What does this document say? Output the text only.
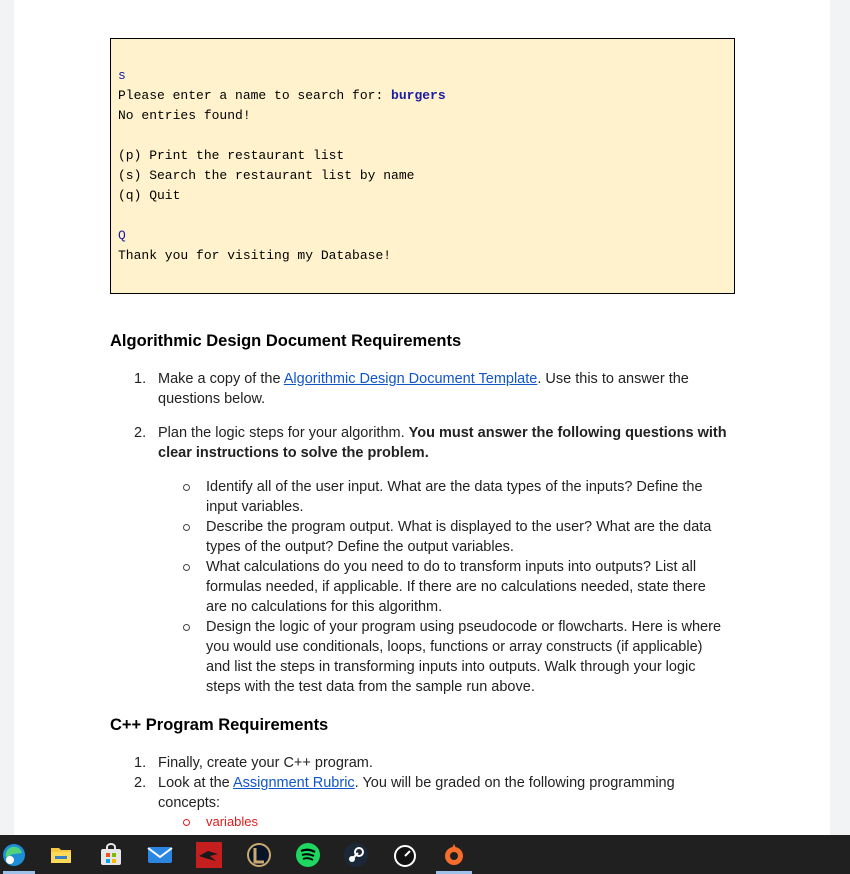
s
Please enter a name to search for: burgers
No entries found!
(p) Print the restaurant list
(s) Search the restaurant list by name
(q) Quit
Q
Thank you for visiting my Database!
Algorithmic Design Document Requirements
1. Make a copy of the Algorithmic Design Document Template. Use this to answer the
questions below.
2. Plan the logic steps for your algorithm. You must answer the following questions with
clear instructions to solve the problem.
Identify all of the user input. What are the data types of the inputs? Define the
input variables.
Describe the program output. What is displayed to the user? What are the data
types of the output? Define the output variables.
What calculations do you need to do to transform inputs into outputs? List all
formulas needed, if applicable. If there are no calculations needed, state there
are no calculations for this algorithm.
Design the logic of your program using pseudocode or flowcharts. Here is where
you would use conditionals, loops, functions or array constructs (if applicable)
and list the steps in transforming inputs into outputs. Walk through your logic
steps with the test data from the sample run above.
C++ Program Requirements
1. Finally, create your C++ program.
2. Look at the Assignment Rubric. You will be graded on the following programming
concepts:
variables
